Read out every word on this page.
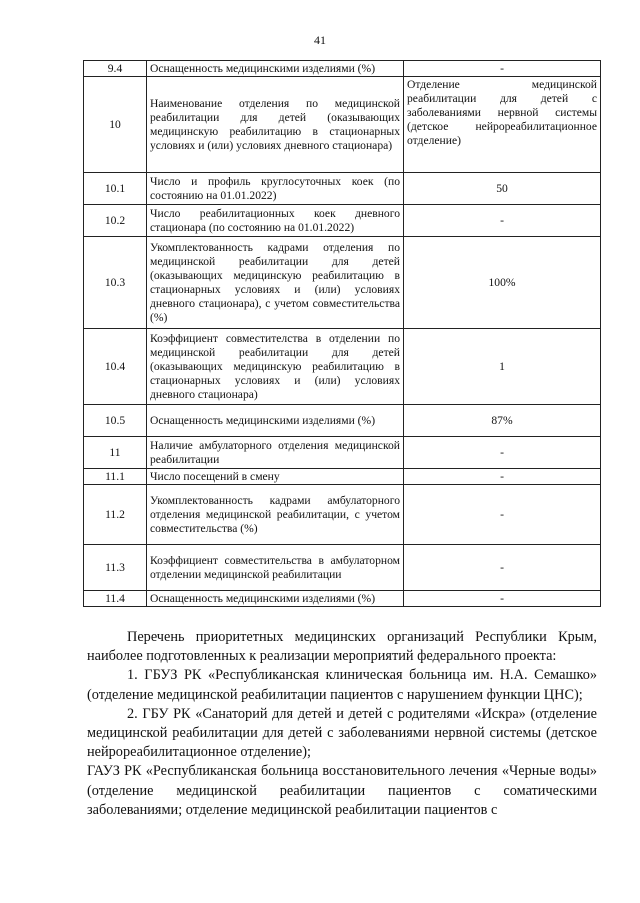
41
9.4	Оснащенность медицинскими изделиями (%)	-
10	Наименование отделения по медицинской реабилитации для детей (оказывающих медицинскую реабилитацию в стационарных условиях и (или) условиях дневного стационара)	Отделение медицинской реабилитации для детей с заболеваниями нервной системы (детское нейрореабилитационное отделение)
10.1	Число и профиль круглосуточных коек (по состоянию на 01.01.2022)	50
10.2	Число реабилитационных коек дневного стационара (по состоянию на 01.01.2022)	-
10.3	Укомплектованность кадрами отделения по медицинской реабилитации для детей (оказывающих медицинскую реабилитацию в стационарных условиях и (или) условиях дневного стационара), с учетом совместительства (%)	100%
10.4	Коэффициент совместителства в отделении по медицинской реабилитации для детей (оказывающих медицинскую реабилитацию в стационарных условиях и (или) условиях дневного стационара)	1
10.5	Оснащенность медицинскими изделиями (%)	87%
11	Наличие амбулаторного отделения медицинской реабилитации	-
11.1	Число посещений в смену	-
11.2	Укомплектованность кадрами амбулаторного отделения медицинской реабилитации, с учетом совместительства (%)	-
11.3	Коэффициент совместительства в амбулаторном отделении медицинской реабилитации	-
11.4	Оснащенность медицинскими изделиями (%)	-

Перечень приоритетных медицинских организаций Республики Крым, наиболее подготовленных к реализации мероприятий федерального проекта:

1. ГБУЗ РК «Республиканская клиническая больница им. Н.А. Семашко» (отделение медицинской реабилитации пациентов с нарушением функции ЦНС);

2. ГБУ РК «Санаторий для детей и детей с родителями «Искра» (отделение медицинской реабилитации для детей с заболеваниями нервной системы (детское нейрореабилитационное отделение);

ГАУЗ РК «Республиканская больница восстановительного лечения «Черные воды» (отделение медицинской реабилитации пациентов с соматическими заболеваниями; отделение медицинской реабилитации пациентов с
